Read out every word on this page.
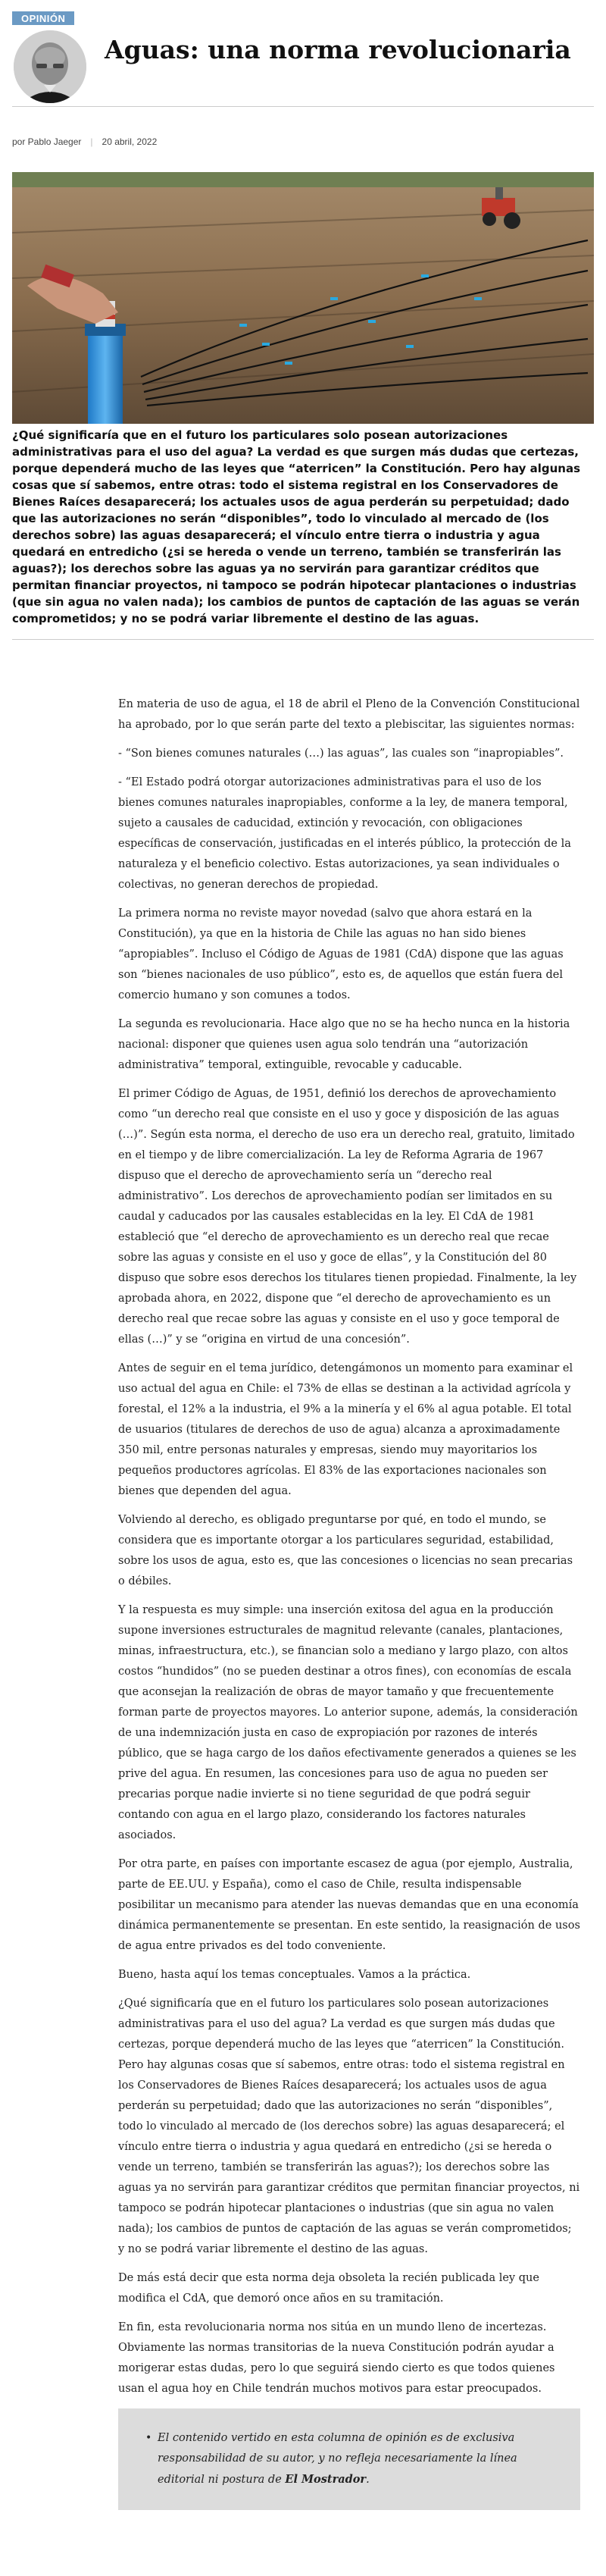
OPINIÓN
Aguas: una norma revolucionaria
por Pablo Jaeger | 20 abril, 2022

¿Qué significaría que en el futuro los particulares solo posean autorizaciones administrativas para el uso del agua? La verdad es que surgen más dudas que certezas, porque dependerá mucho de las leyes que “aterricen” la Constitución. Pero hay algunas cosas que sí sabemos, entre otras: todo el sistema registral en los Conservadores de Bienes Raíces desaparecerá; los actuales usos de agua perderán su perpetuidad; dado que las autorizaciones no serán “disponibles”, todo lo vinculado al mercado de (los derechos sobre) las aguas desaparecerá; el vínculo entre tierra o industria y agua quedará en entredicho (¿si se hereda o vende un terreno, también se transferirán las aguas?); los derechos sobre las aguas ya no servirán para garantizar créditos que permitan financiar proyectos, ni tampoco se podrán hipotecar plantaciones o industrias (que sin agua no valen nada); los cambios de puntos de captación de las aguas se verán comprometidos; y no se podrá variar libremente el destino de las aguas.

En materia de uso de agua, el 18 de abril el Pleno de la Convención Constitucional ha aprobado, por lo que serán parte del texto a plebiscitar, las siguientes normas:

- “Son bienes comunes naturales (…) las aguas”, las cuales son “inapropiables”.

- “El Estado podrá otorgar autorizaciones administrativas para el uso de los bienes comunes naturales inapropiables, conforme a la ley, de manera temporal, sujeto a causales de caducidad, extinción y revocación, con obligaciones específicas de conservación, justificadas en el interés público, la protección de la naturaleza y el beneficio colectivo. Estas autorizaciones, ya sean individuales o colectivas, no generan derechos de propiedad.

La primera norma no reviste mayor novedad (salvo que ahora estará en la Constitución), ya que en la historia de Chile las aguas no han sido bienes “apropiables”. Incluso el Código de Aguas de 1981 (CdA) dispone que las aguas son “bienes nacionales de uso público”, esto es, de aquellos que están fuera del comercio humano y son comunes a todos.

La segunda es revolucionaria. Hace algo que no se ha hecho nunca en la historia nacional: disponer que quienes usen agua solo tendrán una “autorización administrativa” temporal, extinguible, revocable y caducable.

El primer Código de Aguas, de 1951, definió los derechos de aprovechamiento como “un derecho real que consiste en el uso y goce y disposición de las aguas (…)”. Según esta norma, el derecho de uso era un derecho real, gratuito, limitado en el tiempo y de libre comercialización. La ley de Reforma Agraria de 1967 dispuso que el derecho de aprovechamiento sería un “derecho real administrativo”. Los derechos de aprovechamiento podían ser limitados en su caudal y caducados por las causales establecidas en la ley. El CdA de 1981 estableció que “el derecho de aprovechamiento es un derecho real que recae sobre las aguas y consiste en el uso y goce de ellas”, y la Constitución del 80 dispuso que sobre esos derechos los titulares tienen propiedad. Finalmente, la ley aprobada ahora, en 2022, dispone que “el derecho de aprovechamiento es un derecho real que recae sobre las aguas y consiste en el uso y goce temporal de ellas (…)” y se “origina en virtud de una concesión”.

Antes de seguir en el tema jurídico, detengámonos un momento para examinar el uso actual del agua en Chile: el 73% de ellas se destinan a la actividad agrícola y forestal, el 12% a la industria, el 9% a la minería y el 6% al agua potable. El total de usuarios (titulares de derechos de uso de agua) alcanza a aproximadamente 350 mil, entre personas naturales y empresas, siendo muy mayoritarios los pequeños productores agrícolas. El 83% de las exportaciones nacionales son bienes que dependen del agua.

Volviendo al derecho, es obligado preguntarse por qué, en todo el mundo, se considera que es importante otorgar a los particulares seguridad, estabilidad, sobre los usos de agua, esto es, que las concesiones o licencias no sean precarias o débiles.

Y la respuesta es muy simple: una inserción exitosa del agua en la producción supone inversiones estructurales de magnitud relevante (canales, plantaciones, minas, infraestructura, etc.), se financian solo a mediano y largo plazo, con altos costos “hundidos” (no se pueden destinar a otros fines), con economías de escala que aconsejan la realización de obras de mayor tamaño y que frecuentemente forman parte de proyectos mayores. Lo anterior supone, además, la consideración de una indemnización justa en caso de expropiación por razones de interés público, que se haga cargo de los daños efectivamente generados a quienes se les prive del agua. En resumen, las concesiones para uso de agua no pueden ser precarias porque nadie invierte si no tiene seguridad de que podrá seguir contando con agua en el largo plazo, considerando los factores naturales asociados.

Por otra parte, en países con importante escasez de agua (por ejemplo, Australia, parte de EE.UU. y España), como el caso de Chile, resulta indispensable posibilitar un mecanismo para atender las nuevas demandas que en una economía dinámica permanentemente se presentan. En este sentido, la reasignación de usos de agua entre privados es del todo conveniente.

Bueno, hasta aquí los temas conceptuales. Vamos a la práctica.

¿Qué significaría que en el futuro los particulares solo posean autorizaciones administrativas para el uso del agua? La verdad es que surgen más dudas que certezas, porque dependerá mucho de las leyes que “aterricen” la Constitución. Pero hay algunas cosas que sí sabemos, entre otras: todo el sistema registral en los Conservadores de Bienes Raíces desaparecerá; los actuales usos de agua perderán su perpetuidad; dado que las autorizaciones no serán “disponibles”, todo lo vinculado al mercado de (los derechos sobre) las aguas desaparecerá; el vínculo entre tierra o industria y agua quedará en entredicho (¿si se hereda o vende un terreno, también se transferirán las aguas?); los derechos sobre las aguas ya no servirán para garantizar créditos que permitan financiar proyectos, ni tampoco se podrán hipotecar plantaciones o industrias (que sin agua no valen nada); los cambios de puntos de captación de las aguas se verán comprometidos; y no se podrá variar libremente el destino de las aguas.

De más está decir que esta norma deja obsoleta la recién publicada ley que modifica el CdA, que demoró once años en su tramitación.

En fin, esta revolucionaria norma nos sitúa en un mundo lleno de incertezas. Obviamente las normas transitorias de la nueva Constitución podrán ayudar a morigerar estas dudas, pero lo que seguirá siendo cierto es que todos quienes usan el agua hoy en Chile tendrán muchos motivos para estar preocupados.

• El contenido vertido en esta columna de opinión es de exclusiva responsabilidad de su autor, y no refleja necesariamente la línea editorial ni postura de El Mostrador.
